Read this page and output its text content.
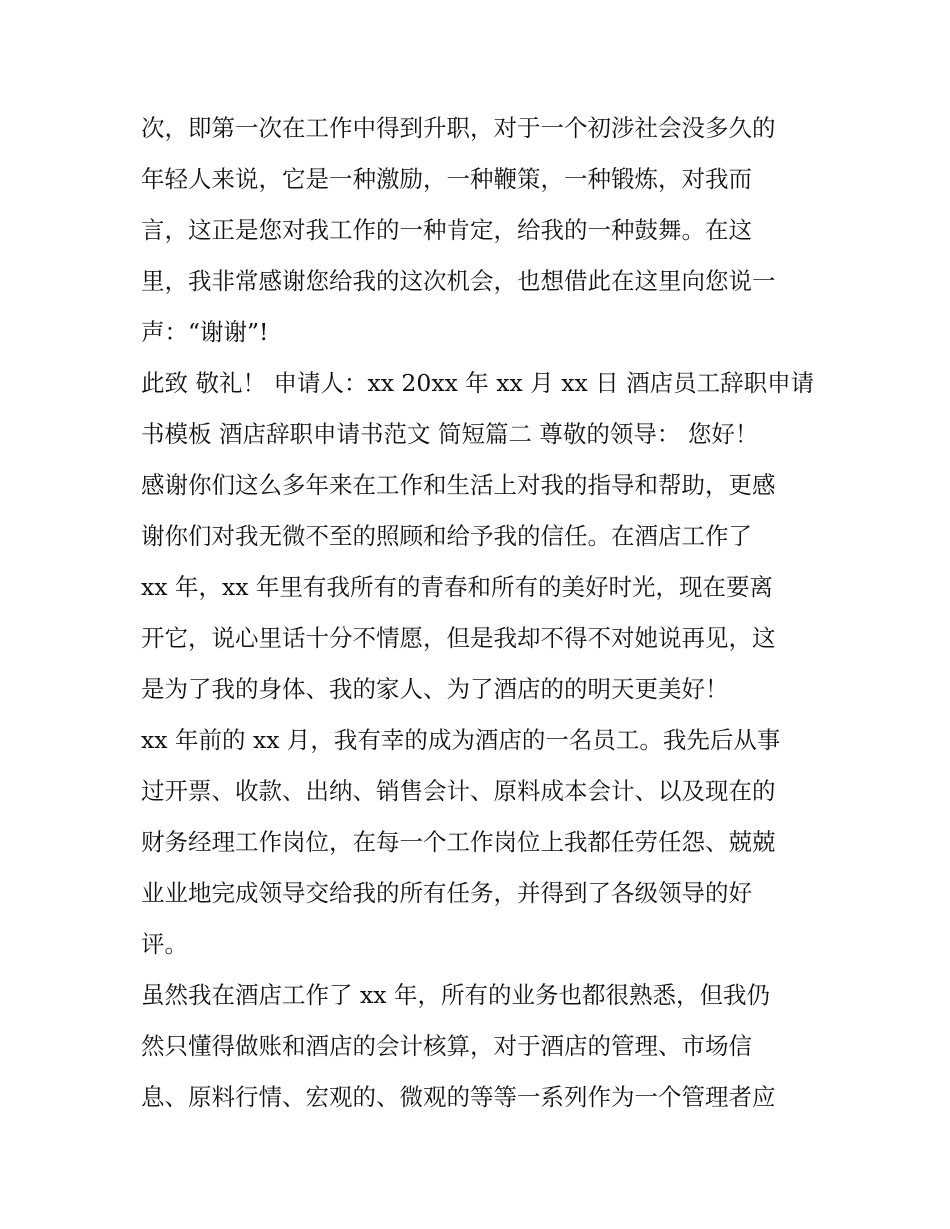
次，即第一次在工作中得到升职，对于一个初涉社会没多久的
年轻人来说，它是一种激励，一种鞭策，一种锻炼，对我而
言，这正是您对我工作的一种肯定，给我的一种鼓舞。在这
里，我非常感谢您给我的这次机会，也想借此在这里向您说一
声：“谢谢”!
此致 敬礼！ 申请人：xx 20xx 年 xx 月 xx 日 酒店员工辞职申请
书模板 酒店辞职申请书范文 简短篇二 尊敬的领导： 您好！
感谢你们这么多年来在工作和生活上对我的指导和帮助，更感
谢你们对我无微不至的照顾和给予我的信任。在酒店工作了
xx 年，xx 年里有我所有的青春和所有的美好时光，现在要离
开它，说心里话十分不情愿，但是我却不得不对她说再见，这
是为了我的身体、我的家人、为了酒店的的明天更美好！
xx 年前的 xx 月，我有幸的成为酒店的一名员工。我先后从事
过开票、收款、出纳、销售会计、原料成本会计、以及现在的
财务经理工作岗位，在每一个工作岗位上我都任劳任怨、兢兢
业业地完成领导交给我的所有任务，并得到了各级领导的好
评。
虽然我在酒店工作了 xx 年，所有的业务也都很熟悉，但我仍
然只懂得做账和酒店的会计核算，对于酒店的管理、市场信
息、原料行情、宏观的、微观的等等一系列作为一个管理者应
